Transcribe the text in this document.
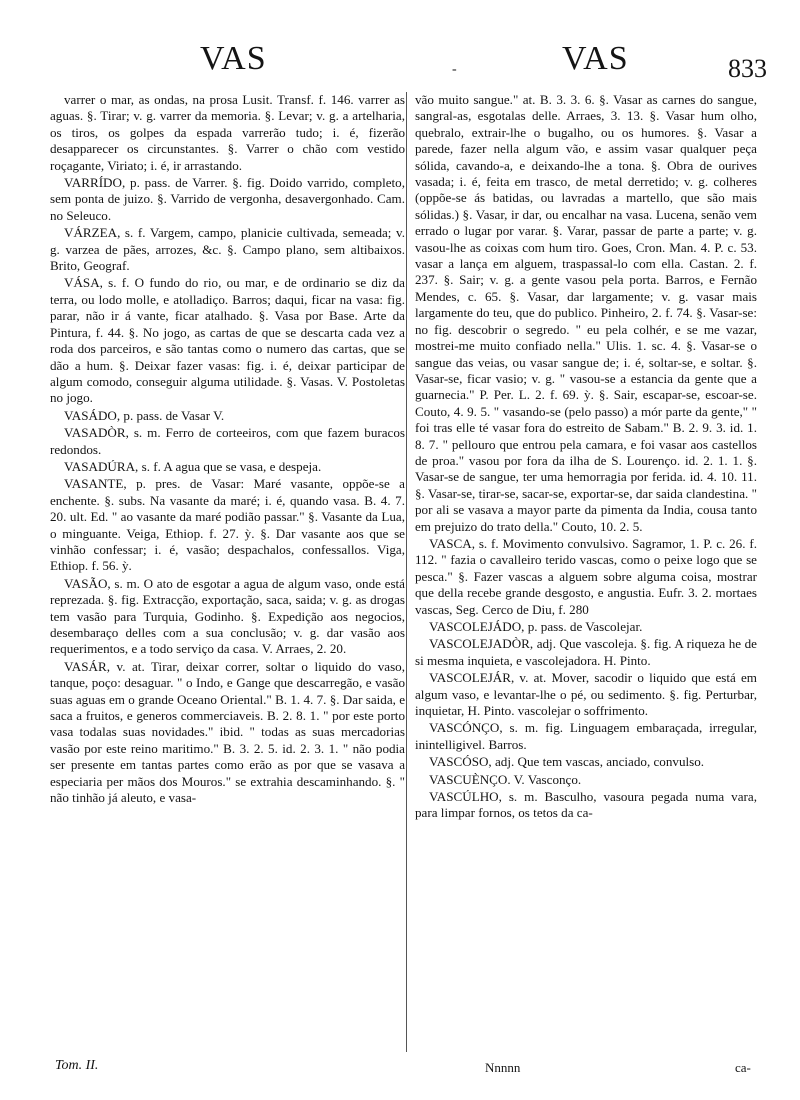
VAS	-	VAS	833

varrer o mar, as ondas, na prosa Lusit. Transf. f. 146. varrer as aguas. §. Tirar; v. g. varrer da memoria. §. Levar; v. g. a artelharia, os tiros, os golpes da espada varrerão tudo; i. é, fizerão desapparecer os circunstantes. §. Varrer o chão com vestido roçagante, Viriato; i. é, ir arrastando.

VARRÍDO, p. pass. de Varrer. §. fig. Doido varrido, completo, sem ponta de juizo. §. Varrido de vergonha, desavergonhado. Cam. no Seleuco.

VÁRZEA, s. f. Vargem, campo, planicie cultivada, semeada; v. g. varzea de pães, arrozes, &c. §. Campo plano, sem altibaixos. Brito, Geograf.

VÁSA, s. f. O fundo do rio, ou mar, e de ordinario se diz da terra, ou lodo molle, e atolladiço. Barros; daqui, ficar na vasa: fig. parar, não ir á vante, ficar atalhado. §. Vasa por Base. Arte da Pintura, f. 44. §. No jogo, as cartas de que se descarta cada vez a roda dos parceiros, e são tantas como o numero das cartas, que se dão a hum. §. Deixar fazer vasas: fig. i. é, deixar participar de algum comodo, conseguir alguma utilidade. §. Vasas. V. Postoletas no jogo.

VASÁDO, p. pass. de Vasar V.

VASADÒR, s. m. Ferro de corteeiros, com que fazem buracos redondos.

VASADÚRA, s. f. A agua que se vasa, e despeja.

VASANTE, p. pres. de Vasar: Maré vasante, oppõe-se a enchente. §. subs. Na vasante da maré; i. é, quando vasa. B. 4. 7. 20. ult. Ed. " ao vasante da maré podião passar." §. Vasante da Lua, o minguante. Veiga, Ethiop. f. 27. ỳ. §. Dar vasante aos que se vinhão confessar; i. é, vasão; despachalos, confessallos. Viga, Ethiop. f. 56. ỳ.

VASÃO, s. m. O ato de esgotar a agua de algum vaso, onde está reprezada. §. fig. Extracção, exportação, saca, saida; v. g. as drogas tem vasão para Turquia, Godinho. §. Expedição aos negocios, desembaraço delles com a sua conclusão; v. g. dar vasão aos requerimentos, e a todo serviço da casa. V. Arraes, 2. 20.

VASÁR, v. at. Tirar, deixar correr, soltar o liquido do vaso, tanque, poço: desaguar. " o Indo, e Gange que descarregão, e vasão suas aguas em o grande Oceano Oriental." B. 1. 4. 7. §. Dar saida, e saca a fruitos, e generos commerciaveis. B. 2. 8. 1. " por este porto vasa todalas suas novidades." ibid. " todas as suas mercadorias vasão por este reino maritimo." B. 3. 2. 5. id. 2. 3. 1. " não podia ser presente em tantas partes como erão as por que se vasava a especiaria per mãos dos Mouros." se extrahia descaminhando. §. " não tinhão já aleuto, e vasa-

vão muito sangue." at. B. 3. 3. 6. §. Vasar as carnes do sangue, sangral-as, esgotalas delle. Arraes, 3. 13. §. Vasar hum olho, quebralo, extrair-lhe o bugalho, ou os humores. §. Vasar a parede, fazer nella algum vão, e assim vasar qualquer peça sólida, cavando-a, e deixando-lhe a tona. §. Obra de ourives vasada; i. é, feita em trasco, de metal derretido; v. g. colheres (oppõe-se ás batidas, ou lavradas a martello, que são mais sólidas.) §. Vasar, ir dar, ou encalhar na vasa. Lucena, senão vem errado o lugar por varar. §. Varar, passar de parte a parte; v. g. vasou-lhe as coixas com hum tiro. Goes, Cron. Man. 4. P. c. 53. vasar a lança em alguem, traspassal-lo com ella. Castan. 2. f. 237. §. Sair; v. g. a gente vasou pela porta. Barros, e Fernão Mendes, c. 65. §. Vasar, dar largamente; v. g. vasar mais largamente do teu, que do publico. Pinheiro, 2. f. 74. §. Vasar-se: no fig. descobrir o segredo. " eu pela colhér, e se me vazar, mostrei-me muito confiado nella." Ulis. 1. sc. 4. §. Vasar-se o sangue das veias, ou vasar sangue de; i. é, soltar-se, e soltar. §. Vasar-se, ficar vasio; v. g. " vasou-se a estancia da gente que a guarnecia." P. Per. L. 2. f. 69. ỳ. §. Sair, escapar-se, escoar-se. Couto, 4. 9. 5. " vasando-se (pelo passo) a mór parte da gente," " foi tras elle té vasar fora do estreito de Sabam." B. 2. 9. 3. id. 1. 8. 7. " pellouro que entrou pela camara, e foi vasar aos castellos de proa." vasou por fora da ilha de S. Lourenço. id. 2. 1. 1. §. Vasar-se de sangue, ter uma hemorragia por ferida. id. 4. 10. 11. §. Vasar-se, tirar-se, sacar-se, exportar-se, dar saida clandestina. " por ali se vasava a mayor parte da pimenta da India, cousa tanto em prejuizo do trato della." Couto, 10. 2. 5.

VASCA, s. f. Movimento convulsivo. Sagramor, 1. P. c. 26. f. 112. " fazia o cavalleiro terido vascas, como o peixe logo que se pesca." §. Fazer vascas a alguem sobre alguma coisa, mostrar que della recebe grande desgosto, e angustia. Eufr. 3. 2. mortaes vascas, Seg. Cerco de Diu, f. 280

VASCOLEJÁDO, p. pass. de Vascolejar.

VASCOLEJADÒR, adj. Que vascoleja. §. fig. A riqueza he de si mesma inquieta, e vascolejadora. H. Pinto.

VASCOLEJÁR, v. at. Mover, sacodir o liquido que está em algum vaso, e levantar-lhe o pé, ou sedimento. §. fig. Perturbar, inquietar, H. Pinto. vascolejar o soffrimento.

VASCÓNÇO, s. m. fig. Linguagem embaraçada, irregular, inintelligivel. Barros.

VASCÓSO, adj. Que tem vascas, anciado, convulso.

VASCUÈNÇO. V. Vasconço.

VASCÚLHO, s. m. Basculho, vasoura pegada numa vara, para limpar fornos, os tetos da ca-

Tom. II.	Nnnnn	ca-
